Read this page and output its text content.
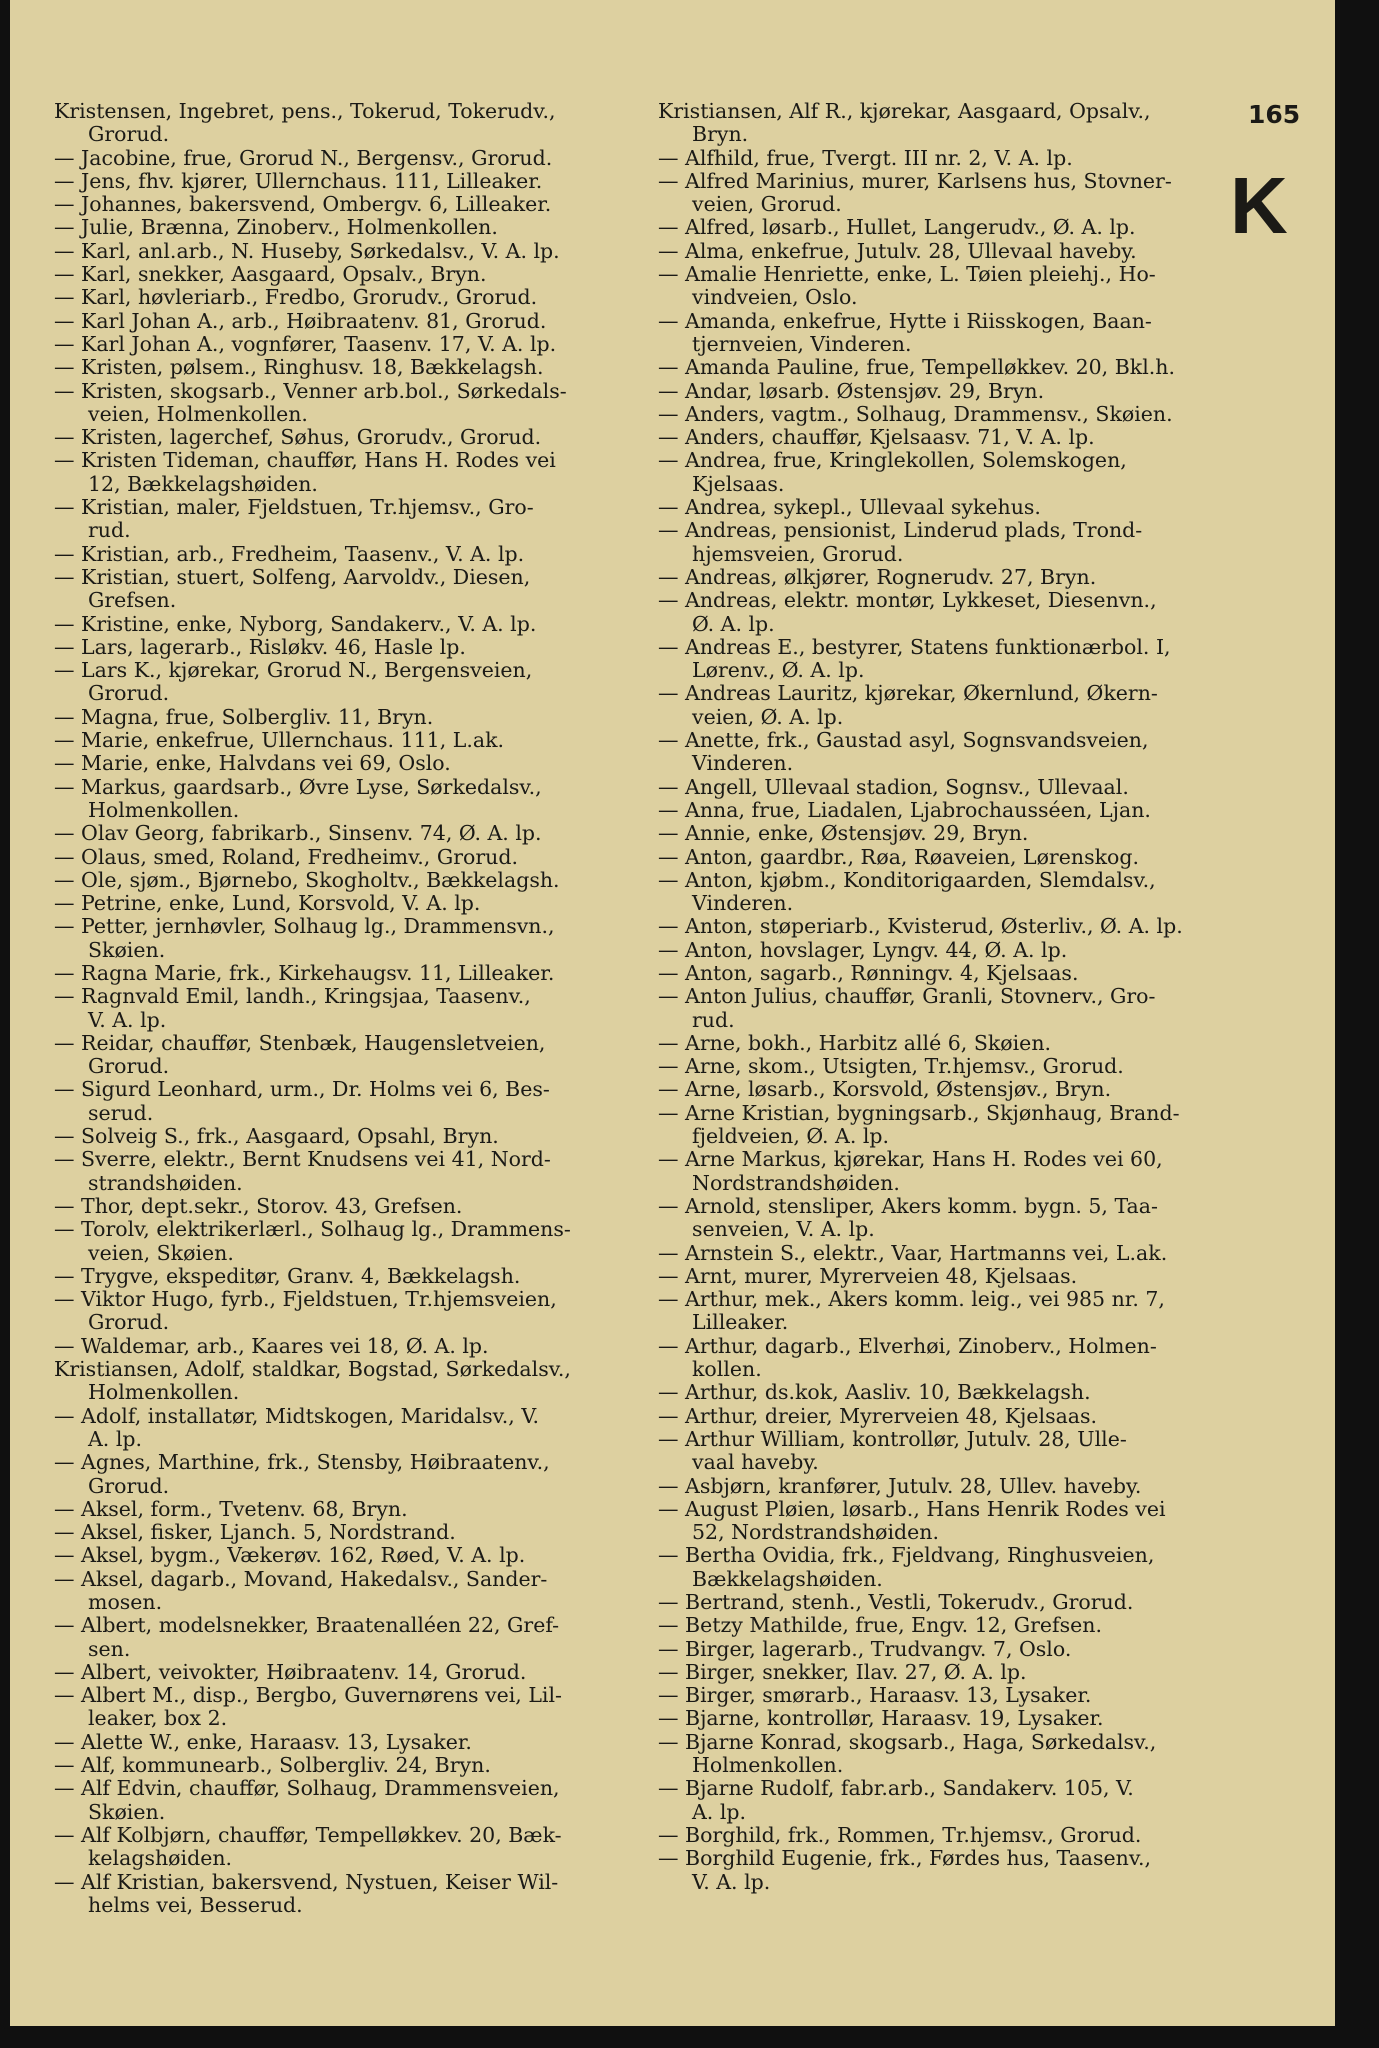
Kristensen, Ingebret, pens., Tokerud, Tokerudv.,
Grorud.
— Jacobine, frue, Grorud N., Bergensv., Grorud.
— Jens, fhv. kjører, Ullernchaus. 111, Lilleaker.
— Johannes, bakersvend, Ombergv. 6, Lilleaker.
— Julie, Brænna, Zinoberv., Holmenkollen.
— Karl, anl.arb., N. Huseby, Sørkedalsv., V. A. lp.
— Karl, snekker, Aasgaard, Opsalv., Bryn.
— Karl, høvleriarb., Fredbo, Grorudv., Grorud.
— Karl Johan A., arb., Høibraatenv. 81, Grorud.
— Karl Johan A., vognfører, Taasenv. 17, V. A. lp.
— Kristen, pølsem., Ringhusv. 18, Bækkelagsh.
— Kristen, skogsarb., Venner arb.bol., Sørkedals-
veien, Holmenkollen.
— Kristen, lagerchef, Søhus, Grorudv., Grorud.
— Kristen Tideman, chauffør, Hans H. Rodes vei
12, Bækkelagshøiden.
— Kristian, maler, Fjeldstuen, Tr.hjemsv., Gro-
rud.
— Kristian, arb., Fredheim, Taasenv., V. A. lp.
— Kristian, stuert, Solfeng, Aarvoldv., Diesen,
Grefsen.
— Kristine, enke, Nyborg, Sandakerv., V. A. lp.
— Lars, lagerarb., Risløkv. 46, Hasle lp.
— Lars K., kjørekar, Grorud N., Bergensveien,
Grorud.
— Magna, frue, Solbergliv. 11, Bryn.
— Marie, enkefrue, Ullernchaus. 111, L.ak.
— Marie, enke, Halvdans vei 69, Oslo.
— Markus, gaardsarb., Øvre Lyse, Sørkedalsv.,
Holmenkollen.
— Olav Georg, fabrikarb., Sinsenv. 74, Ø. A. lp.
— Olaus, smed, Roland, Fredheimv., Grorud.
— Ole, sjøm., Bjørnebo, Skogholtv., Bækkelagsh.
— Petrine, enke, Lund, Korsvold, V. A. lp.
— Petter, jernhøvler, Solhaug lg., Drammensvn.,
Skøien.
— Ragna Marie, frk., Kirkehaugsv. 11, Lilleaker.
— Ragnvald Emil, landh., Kringsjaa, Taasenv.,
V. A. lp.
— Reidar, chauffør, Stenbæk, Haugensletveien,
Grorud.
— Sigurd Leonhard, urm., Dr. Holms vei 6, Bes-
serud.
— Solveig S., frk., Aasgaard, Opsahl, Bryn.
— Sverre, elektr., Bernt Knudsens vei 41, Nord-
strandshøiden.
— Thor, dept.sekr., Storov. 43, Grefsen.
— Torolv, elektrikerlærl., Solhaug lg., Drammens-
veien, Skøien.
— Trygve, ekspeditør, Granv. 4, Bækkelagsh.
— Viktor Hugo, fyrb., Fjeldstuen, Tr.hjemsveien,
Grorud.
— Waldemar, arb., Kaares vei 18, Ø. A. lp.
Kristiansen, Adolf, staldkar, Bogstad, Sørkedalsv.,
Holmenkollen.
— Adolf, installatør, Midtskogen, Maridalsv., V.
A. lp.
— Agnes, Marthine, frk., Stensby, Høibraatenv.,
Grorud.
— Aksel, form., Tvetenv. 68, Bryn.
— Aksel, fisker, Ljanch. 5, Nordstrand.
— Aksel, bygm., Vækerøv. 162, Røed, V. A. lp.
— Aksel, dagarb., Movand, Hakedalsv., Sander-
mosen.
— Albert, modelsnekker, Braatenalléen 22, Gref-
sen.
— Albert, veivokter, Høibraatenv. 14, Grorud.
— Albert M., disp., Bergbo, Guvernørens vei, Lil-
leaker, box 2.
— Alette W., enke, Haraasv. 13, Lysaker.
— Alf, kommunearb., Solbergliv. 24, Bryn.
— Alf Edvin, chauffør, Solhaug, Drammensveien,
Skøien.
— Alf Kolbjørn, chauffør, Tempelløkkev. 20, Bæk-
kelagshøiden.
— Alf Kristian, bakersvend, Nystuen, Keiser Wil-
helms vei, Besserud.
Kristiansen, Alf R., kjørekar, Aasgaard, Opsalv.,
Bryn.
— Alfhild, frue, Tvergt. III nr. 2, V. A. lp.
— Alfred Marinius, murer, Karlsens hus, Stovner-
veien, Grorud.
— Alfred, løsarb., Hullet, Langerudv., Ø. A. lp.
— Alma, enkefrue, Jutulv. 28, Ullevaal haveby.
— Amalie Henriette, enke, L. Tøien pleiehj., Ho-
vindveien, Oslo.
— Amanda, enkefrue, Hytte i Riisskogen, Baan-
tjernveien, Vinderen.
— Amanda Pauline, frue, Tempelløkkev. 20, Bkl.h.
— Andar, løsarb. Østensjøv. 29, Bryn.
— Anders, vagtm., Solhaug, Drammensv., Skøien.
— Anders, chauffør, Kjelsaasv. 71, V. A. lp.
— Andrea, frue, Kringlekollen, Solemskogen,
Kjelsaas.
— Andrea, sykepl., Ullevaal sykehus.
— Andreas, pensionist, Linderud plads, Trond-
hjemsveien, Grorud.
— Andreas, ølkjører, Rognerudv. 27, Bryn.
— Andreas, elektr. montør, Lykkeset, Diesenvn.,
Ø. A. lp.
— Andreas E., bestyrer, Statens funktionærbol. I,
Lørenv., Ø. A. lp.
— Andreas Lauritz, kjørekar, Økernlund, Økern-
veien, Ø. A. lp.
— Anette, frk., Gaustad asyl, Sognsvandsveien,
Vinderen.
— Angell, Ullevaal stadion, Sognsv., Ullevaal.
— Anna, frue, Liadalen, Ljabrochausséen, Ljan.
— Annie, enke, Østensjøv. 29, Bryn.
— Anton, gaardbr., Røa, Røaveien, Lørenskog.
— Anton, kjøbm., Konditorigaarden, Slemdalsv.,
Vinderen.
— Anton, støperiarb., Kvisterud, Østerliv., Ø. A. lp.
— Anton, hovslager, Lyngv. 44, Ø. A. lp.
— Anton, sagarb., Rønningv. 4, Kjelsaas.
— Anton Julius, chauffør, Granli, Stovnerv., Gro-
rud.
— Arne, bokh., Harbitz allé 6, Skøien.
— Arne, skom., Utsigten, Tr.hjemsv., Grorud.
— Arne, løsarb., Korsvold, Østensjøv., Bryn.
— Arne Kristian, bygningsarb., Skjønhaug, Brand-
fjeldveien, Ø. A. lp.
— Arne Markus, kjørekar, Hans H. Rodes vei 60,
Nordstrandshøiden.
— Arnold, stensliper, Akers komm. bygn. 5, Taa-
senveien, V. A. lp.
— Arnstein S., elektr., Vaar, Hartmanns vei, L.ak.
— Arnt, murer, Myrerveien 48, Kjelsaas.
— Arthur, mek., Akers komm. leig., vei 985 nr. 7,
Lilleaker.
— Arthur, dagarb., Elverhøi, Zinoberv., Holmen-
kollen.
— Arthur, ds.kok, Aasliv. 10, Bækkelagsh.
— Arthur, dreier, Myrerveien 48, Kjelsaas.
— Arthur William, kontrollør, Jutulv. 28, Ulle-
vaal haveby.
— Asbjørn, kranfører, Jutulv. 28, Ullev. haveby.
— August Pløien, løsarb., Hans Henrik Rodes vei
52, Nordstrandshøiden.
— Bertha Ovidia, frk., Fjeldvang, Ringhusveien,
Bækkelagshøiden.
— Bertrand, stenh., Vestli, Tokerudv., Grorud.
— Betzy Mathilde, frue, Engv. 12, Grefsen.
— Birger, lagerarb., Trudvangv. 7, Oslo.
— Birger, snekker, Ilav. 27, Ø. A. lp.
— Birger, smørarb., Haraasv. 13, Lysaker.
— Bjarne, kontrollør, Haraasv. 19, Lysaker.
— Bjarne Konrad, skogsarb., Haga, Sørkedalsv.,
Holmenkollen.
— Bjarne Rudolf, fabr.arb., Sandakerv. 105, V.
A. lp.
— Borghild, frk., Rommen, Tr.hjemsv., Grorud.
— Borghild Eugenie, frk., Førdes hus, Taasenv.,
V. A. lp.
165
K
